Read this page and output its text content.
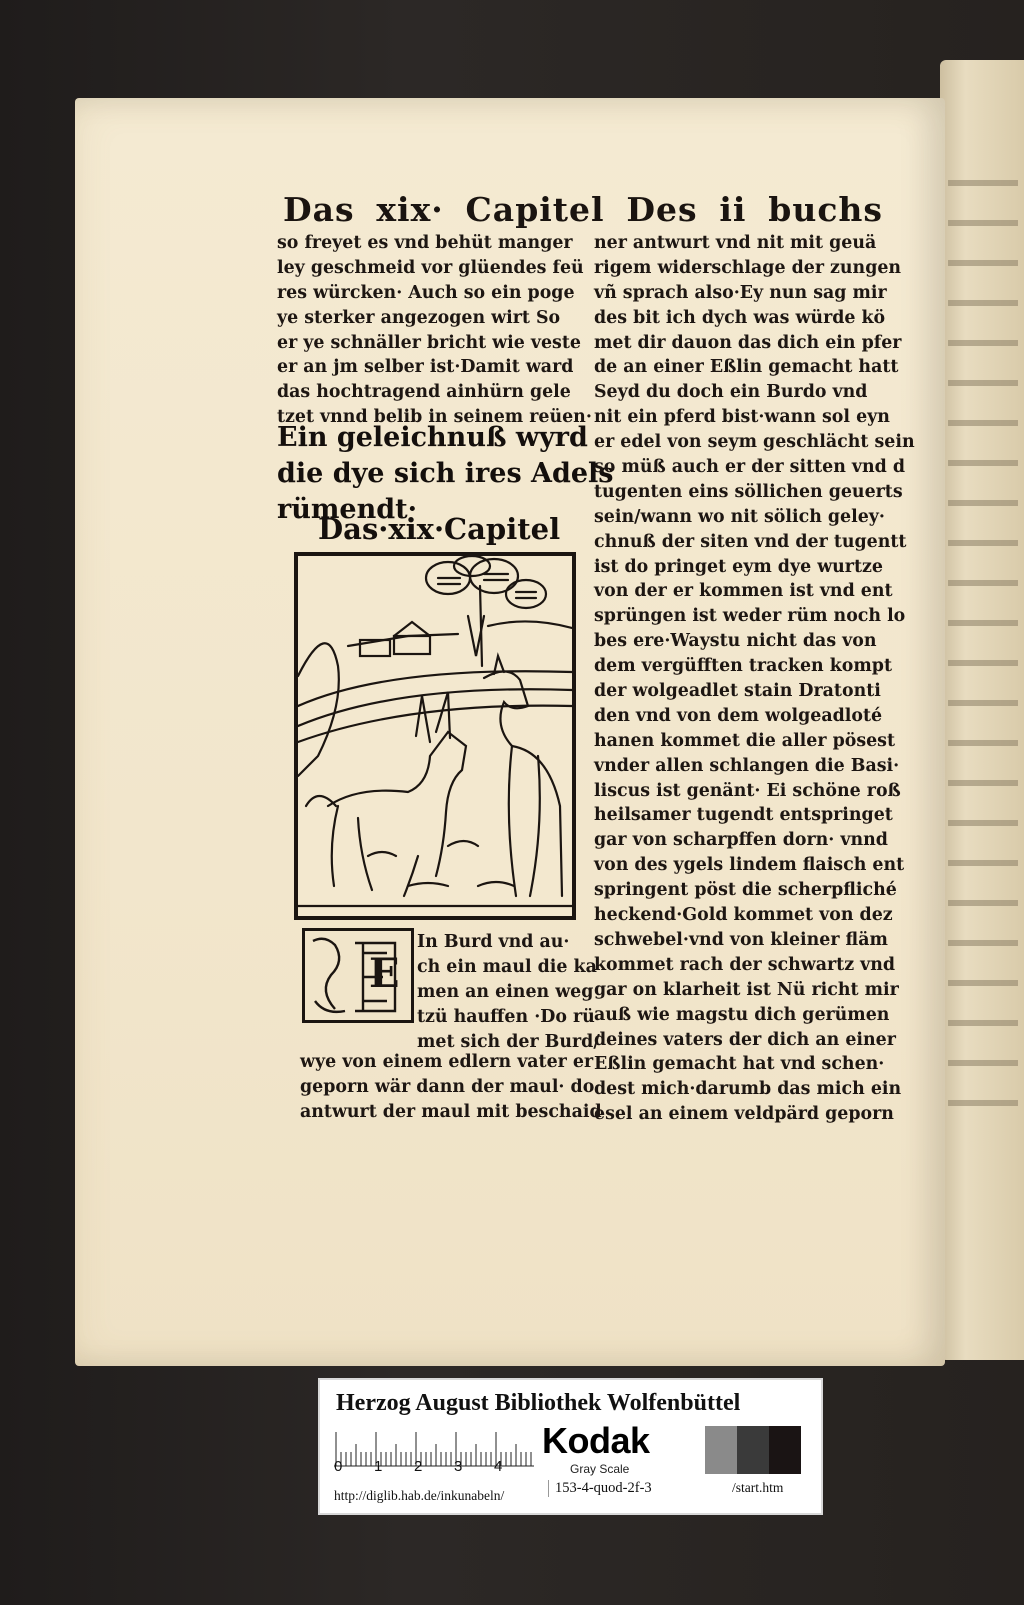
Das xix· Capitel Des ii buchs
so freyet es vnd behüt manger
ley geschmeid vor glüendes feü
res würcken· Auch so ein poge
ye sterker angezogen wirt So
er ye schnäller bricht wie veste
er an jm selber ist·Damit ward
das hochtragend ainhürn gele
tzet vnnd belib in seinem reüen·
Ein geleichnuß wyrd
die dye sich ires Adels
rümendt·
Das·xix·Capitel
E
In Burd vnd au·
ch ein maul die ka
men an einen weg
tzü hauffen ·Do rü
met sich der Burd/
wye von einem edlern vater er
geporn wär dann der maul· do
antwurt der maul mit beschaid
ner antwurt vnd nit mit geuä
rigem widerschlage der zungen
vñ sprach also·Ey nun sag mir
des bit ich dych was würde kö
met dir dauon das dich ein pfer
de an einer Eßlin gemacht hatt
Seyd du doch ein Burdo vnd
nit ein pferd bist·wann sol eyn
er edel von seym geschlächt sein
so müß auch er der sitten vnd d
tugenten eins söllichen geuerts
sein/wann wo nit sölich geley·
chnuß der siten vnd der tugentt
ist do pringet eym dye wurtze
von der er kommen ist vnd ent
sprüngen ist weder rüm noch lo
bes ere·Waystu nicht das von
dem vergüfften tracken kompt
der wolgeadlet stain Dratonti
den vnd von dem wolgeadloté
hanen kommet die aller pösest
vnder allen schlangen die Basi·
liscus ist genänt· Ei schöne roß
heilsamer tugendt entspringet
gar von scharpffen dorn· vnnd
von des ygels lindem flaisch ent
springent pöst die scherpfliché
heckend·Gold kommet von dez
schwebel·vnd von kleiner fläm
kommet rach der schwartz vnd
gar on klarheit ist Nü richt mir
auß wie magstu dich gerümen
deines vaters der dich an einer
Eßlin gemacht hat vnd schen·
dest mich·darumb das mich ein
esel an einem veldpärd geporn
Herzog August Bibliothek Wolfenbüttel
0 1 2 3 4
Kodak
Gray Scale
http://diglib.hab.de/inkunabeln/	153-4-quod-2f-3	/start.htm
